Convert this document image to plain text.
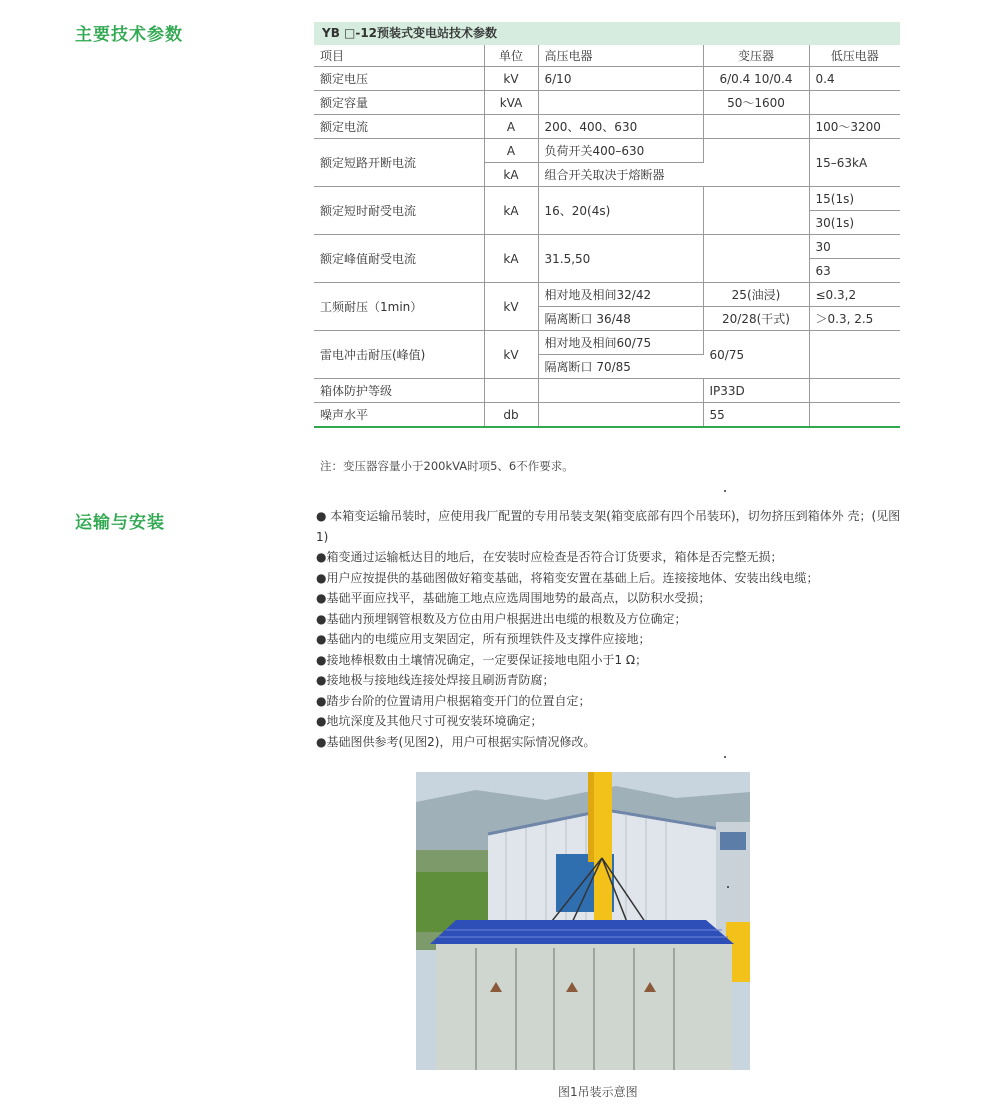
主要技术参数	YB □-12预装式变电站技术参数
项目	单位	高压电器	变压器	低压电器
额定电压	kV	6/10	6/0.4 10/0.4	0.4
额定容量	kVA		50～1600	
额定电流	A	200、400、630		100～3200
额定短路开断电流	A	负荷开关400–630		15–63kA
	kA	组合开关取决于熔断器		
额定短时耐受电流	kA	16、20(4s)		15(1s)
				30(1s)
额定峰值耐受电流	kA	31.5,50		30
				63
工频耐压（1min）	kV	相对地及相间32/42	25(油浸)	≤0.3,2
		隔离断口 36/48	20/28(干式)	＞0.3, 2.5
雷电冲击耐压(峰值)	kV	相对地及相间60/75	60/75	
		隔离断口 70/85		
箱体防护等级			IP33D	
噪声水平	db		55	
注：变压器容量小于200kVA时项5、6不作要求。
运输与安装	● 本箱变运输吊装时，应使用我厂配置的专用吊装支架(箱变底部有四个吊装环)，切勿挤压到箱体外 壳；(见图1)

●箱变通过运输柢达目的地后，在安装时应检查是否符合订货要求，箱体是否完整无损；

●用户应按提供的基础图做好箱变基础，将箱变安置在基础上后。连接接地体、安装出线电缆；

●基础平面应找平，基础施工地点应选周围地势的最高点，以防积水受损；

●基础内预埋钢管根数及方位由用户根据进出电缆的根数及方位确定；

●基础内的电缆应用支架固定，所有预埋铁件及支撑件应接地；

●接地棒根数由土壤情况确定，一定要保证接地电阻小于1 Ω；

●接地极与接地线连接处焊接且刷沥青防腐；

●踏步台阶的位置请用户根据箱变开门的位置自定；

●地坑深度及其他尺寸可视安装环境确定；

●基础图供参考(见图2)，用户可根据实际情况修改。

图1吊装示意图
